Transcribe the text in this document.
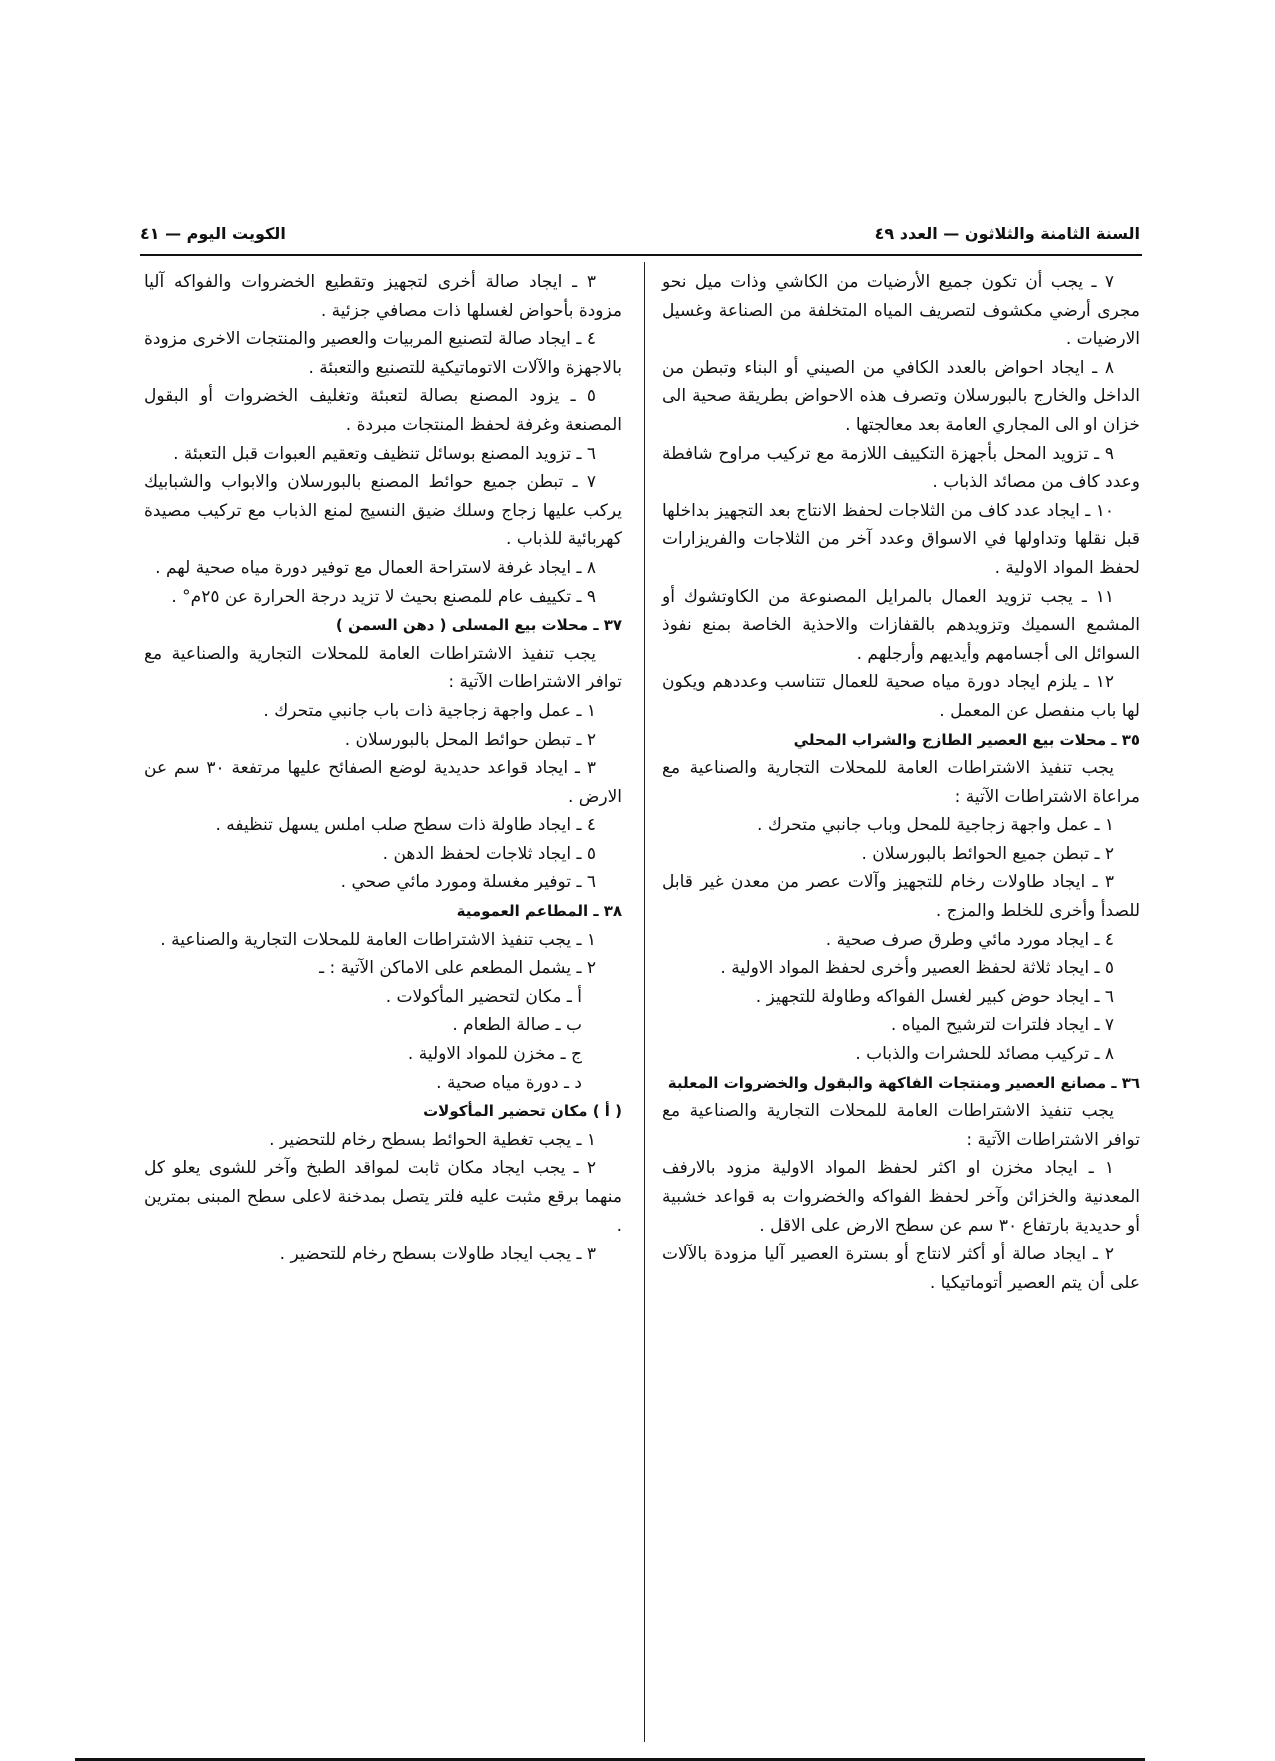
السنة الثامنة والثلاثون — العدد ٤٩
الكويت اليوم — ٤١

٧ ـ يجب أن تكون جميع الأرضيات من الكاشي وذات ميل نحو مجرى أرضي مكشوف لتصريف المياه المتخلفة من الصناعة وغسيل الارضيات .

٨ ـ ايجاد احواض بالعدد الكافي من الصيني أو البناء وتبطن من الداخل والخارج بالبورسلان وتصرف هذه الاحواض بطريقة صحية الى خزان او الى المجاري العامة بعد معالجتها .

٩ ـ تزويد المحل بأجهزة التكييف اللازمة مع تركيب مراوح شافطة وعدد كاف من مصائد الذباب .

١٠ ـ ايجاد عدد كاف من الثلاجات لحفظ الانتاج بعد التجهيز بداخلها قبل نقلها وتداولها في الاسواق وعدد آخر من الثلاجات والفريزارات لحفظ المواد الاولية .

١١ ـ يجب تزويد العمال بالمرايل المصنوعة من الكاوتشوك أو المشمع السميك وتزويدهم بالقفازات والاحذية الخاصة بمنع نفوذ السوائل الى أجسامهم وأيديهم وأرجلهم .

١٢ ـ يلزم ايجاد دورة مياه صحية للعمال تتناسب وعددهم ويكون لها باب منفصل عن المعمل .

٣٥ ـ محلات بيع العصير الطازج والشراب المحلي

يجب تنفيذ الاشتراطات العامة للمحلات التجارية والصناعية مع مراعاة الاشتراطات الآتية :

١ ـ عمل واجهة زجاجية للمحل وباب جانبي متحرك .

٢ ـ تبطن جميع الحوائط بالبورسلان .

٣ ـ ايجاد طاولات رخام للتجهيز وآلات عصر من معدن غير قابل للصدأ وأخرى للخلط والمزج .

٤ ـ ايجاد مورد مائي وطرق صرف صحية .

٥ ـ ايجاد ثلاثة لحفظ العصير وأخرى لحفظ المواد الاولية .

٦ ـ ايجاد حوض كبير لغسل الفواكه وطاولة للتجهيز .

٧ ـ ايجاد فلترات لترشيح المياه .

٨ ـ تركيب مصائد للحشرات والذباب .

٣٦ ـ مصانع العصير ومنتجات الفاكهة والبقول والخضروات المعلبة

يجب تنفيذ الاشتراطات العامة للمحلات التجارية والصناعية مع توافر الاشتراطات الآتية :

١ ـ ايجاد مخزن او اكثر لحفظ المواد الاولية مزود بالارفف المعدنية والخزائن وآخر لحفظ الفواكه والخضروات به قواعد خشبية أو حديدية بارتفاع ٣٠ سم عن سطح الارض على الاقل .

٢ ـ ايجاد صالة أو أكثر لانتاج أو بسترة العصير آليا مزودة بالآلات على أن يتم العصير أتوماتيكيا .

٣ ـ ايجاد صالة أخرى لتجهيز وتقطيع الخضروات والفواكه آليا مزودة بأحواض لغسلها ذات مصافي جزئية .

٤ ـ ايجاد صالة لتصنيع المربيات والعصير والمنتجات الاخرى مزودة بالاجهزة والآلات الاتوماتيكية للتصنيع والتعبئة .

٥ ـ يزود المصنع بصالة لتعبئة وتغليف الخضروات أو البقول المصنعة وغرفة لحفظ المنتجات مبردة .

٦ ـ تزويد المصنع بوسائل تنظيف وتعقيم العبوات قبل التعبئة .

٧ ـ تبطن جميع حوائط المصنع بالبورسلان والابواب والشبابيك يركب عليها زجاج وسلك ضيق النسيج لمنع الذباب مع تركيب مصيدة كهربائية للذباب .

٨ ـ ايجاد غرفة لاستراحة العمال مع توفير دورة مياه صحية لهم .

٩ ـ تكييف عام للمصنع بحيث لا تزيد درجة الحرارة عن ٢٥م° .

٣٧ ـ محلات بيع المسلى ( دهن السمن )

يجب تنفيذ الاشتراطات العامة للمحلات التجارية والصناعية مع توافر الاشتراطات الآتية :

١ ـ عمل واجهة زجاجية ذات باب جانبي متحرك .

٢ ـ تبطن حوائط المحل بالبورسلان .

٣ ـ ايجاد قواعد حديدية لوضع الصفائح عليها مرتفعة ٣٠ سم عن الارض .

٤ ـ ايجاد طاولة ذات سطح صلب املس يسهل تنظيفه .

٥ ـ ايجاد ثلاجات لحفظ الدهن .

٦ ـ توفير مغسلة ومورد مائي صحي .

٣٨ ـ المطاعم العمومية

١ ـ يجب تنفيذ الاشتراطات العامة للمحلات التجارية والصناعية .

٢ ـ يشمل المطعم على الاماكن الآتية : ـ

أ ـ مكان لتحضير المأكولات .

ب ـ صالة الطعام .

ج ـ مخزن للمواد الاولية .

د ـ دورة مياه صحية .

( أ ) مكان تحضير المأكولات

١ ـ يجب تغطية الحوائط بسطح رخام للتحضير .

٢ ـ يجب ايجاد مكان ثابت لمواقد الطبخ وآخر للشوى يعلو كل منهما برقع مثبت عليه فلتر يتصل بمدخنة لاعلى سطح المبنى بمترين .

٣ ـ يجب ايجاد طاولات بسطح رخام للتحضير .
